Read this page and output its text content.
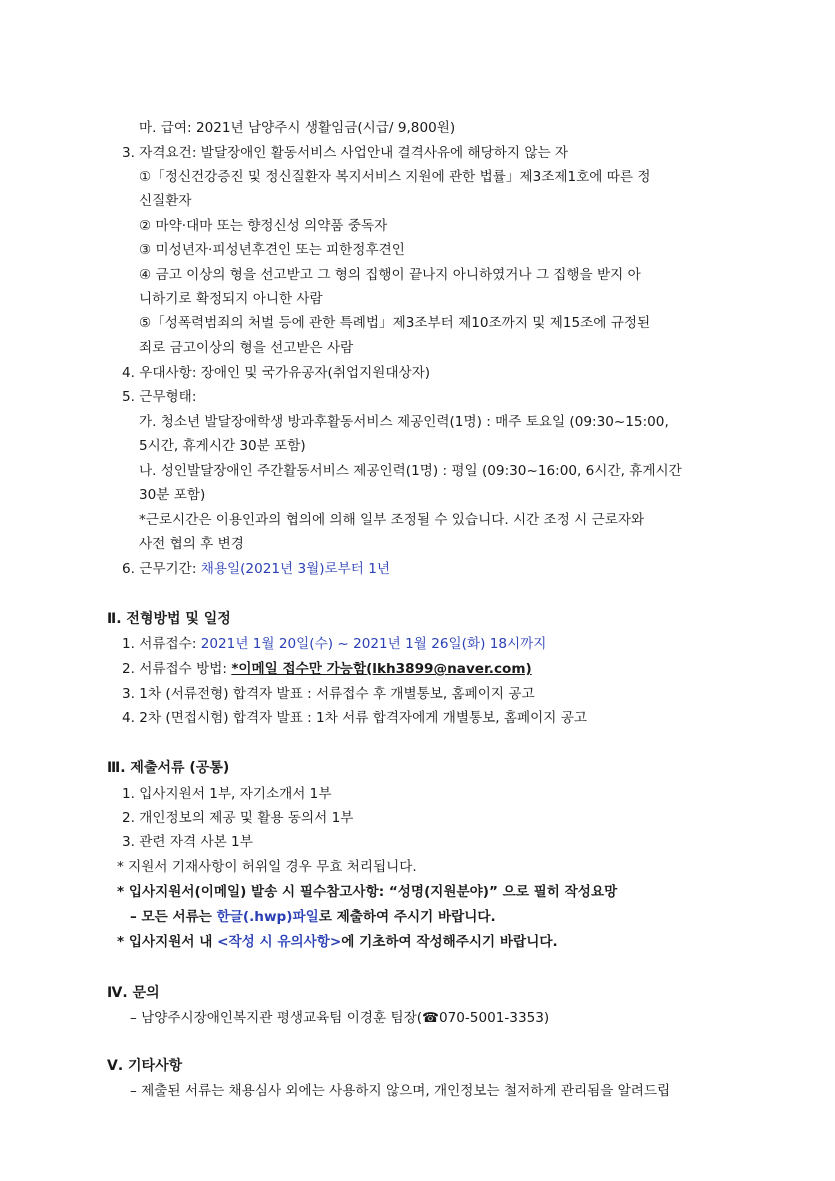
마. 급여: 2021년 남양주시 생활임금(시급/ 9,800원)
3. 자격요건: 발달장애인 활동서비스 사업안내 결격사유에 해당하지 않는 자
①「정신건강증진 및 정신질환자 복지서비스 지원에 관한 법률」제3조제1호에 따른 정
신질환자
② 마약·대마 또는 향정신성 의약품 중독자
③ 미성년자·피성년후견인 또는 피한정후견인
④ 금고 이상의 형을 선고받고 그 형의 집행이 끝나지 아니하였거나 그 집행을 받지 아
니하기로 확정되지 아니한 사람
⑤「성폭력범죄의 처벌 등에 관한 특례법」제3조부터 제10조까지 및 제15조에 규정된
죄로 금고이상의 형을 선고받은 사람
4. 우대사항: 장애인 및 국가유공자(취업지원대상자)
5. 근무형태:
가. 청소년 발달장애학생 방과후활동서비스 제공인력(1명) : 매주 토요일 (09:30~15:00,
5시간, 휴게시간 30분 포함)
나. 성인발달장애인 주간활동서비스 제공인력(1명) : 평일 (09:30~16:00, 6시간, 휴게시간
30분 포함)
*근로시간은 이용인과의 협의에 의해 일부 조정될 수 있습니다. 시간 조정 시 근로자와
사전 협의 후 변경
6. 근무기간: 채용일(2021년 3월)로부터 1년
Ⅱ. 전형방법 및 일정
1. 서류접수: 2021년 1월 20일(수) ~ 2021년 1월 26일(화) 18시까지
2. 서류접수 방법: *이메일 접수만 가능함(lkh3899@naver.com)
3. 1차 (서류전형) 합격자 발표 : 서류접수 후 개별통보, 홈페이지 공고
4. 2차 (면접시험) 합격자 발표 : 1차 서류 합격자에게 개별통보, 홈페이지 공고
Ⅲ. 제출서류 (공통)
1. 입사지원서 1부, 자기소개서 1부
2. 개인정보의 제공 및 활용 동의서 1부
3. 관련 자격 사본 1부
* 지원서 기재사항이 허위일 경우 무효 처리됩니다.
* 입사지원서(이메일) 발송 시 필수참고사항: “성명(지원분야)” 으로 필히 작성요망
– 모든 서류는 한글(.hwp)파일로 제출하여 주시기 바랍니다.
* 입사지원서 내 <작성 시 유의사항>에 기초하여 작성해주시기 바랍니다.
Ⅳ. 문의
– 남양주시장애인복지관 평생교육팀 이경훈 팀장(☎070-5001-3353)
Ⅴ. 기타사항
– 제출된 서류는 채용심사 외에는 사용하지 않으며, 개인정보는 철저하게 관리됨을 알려드립
